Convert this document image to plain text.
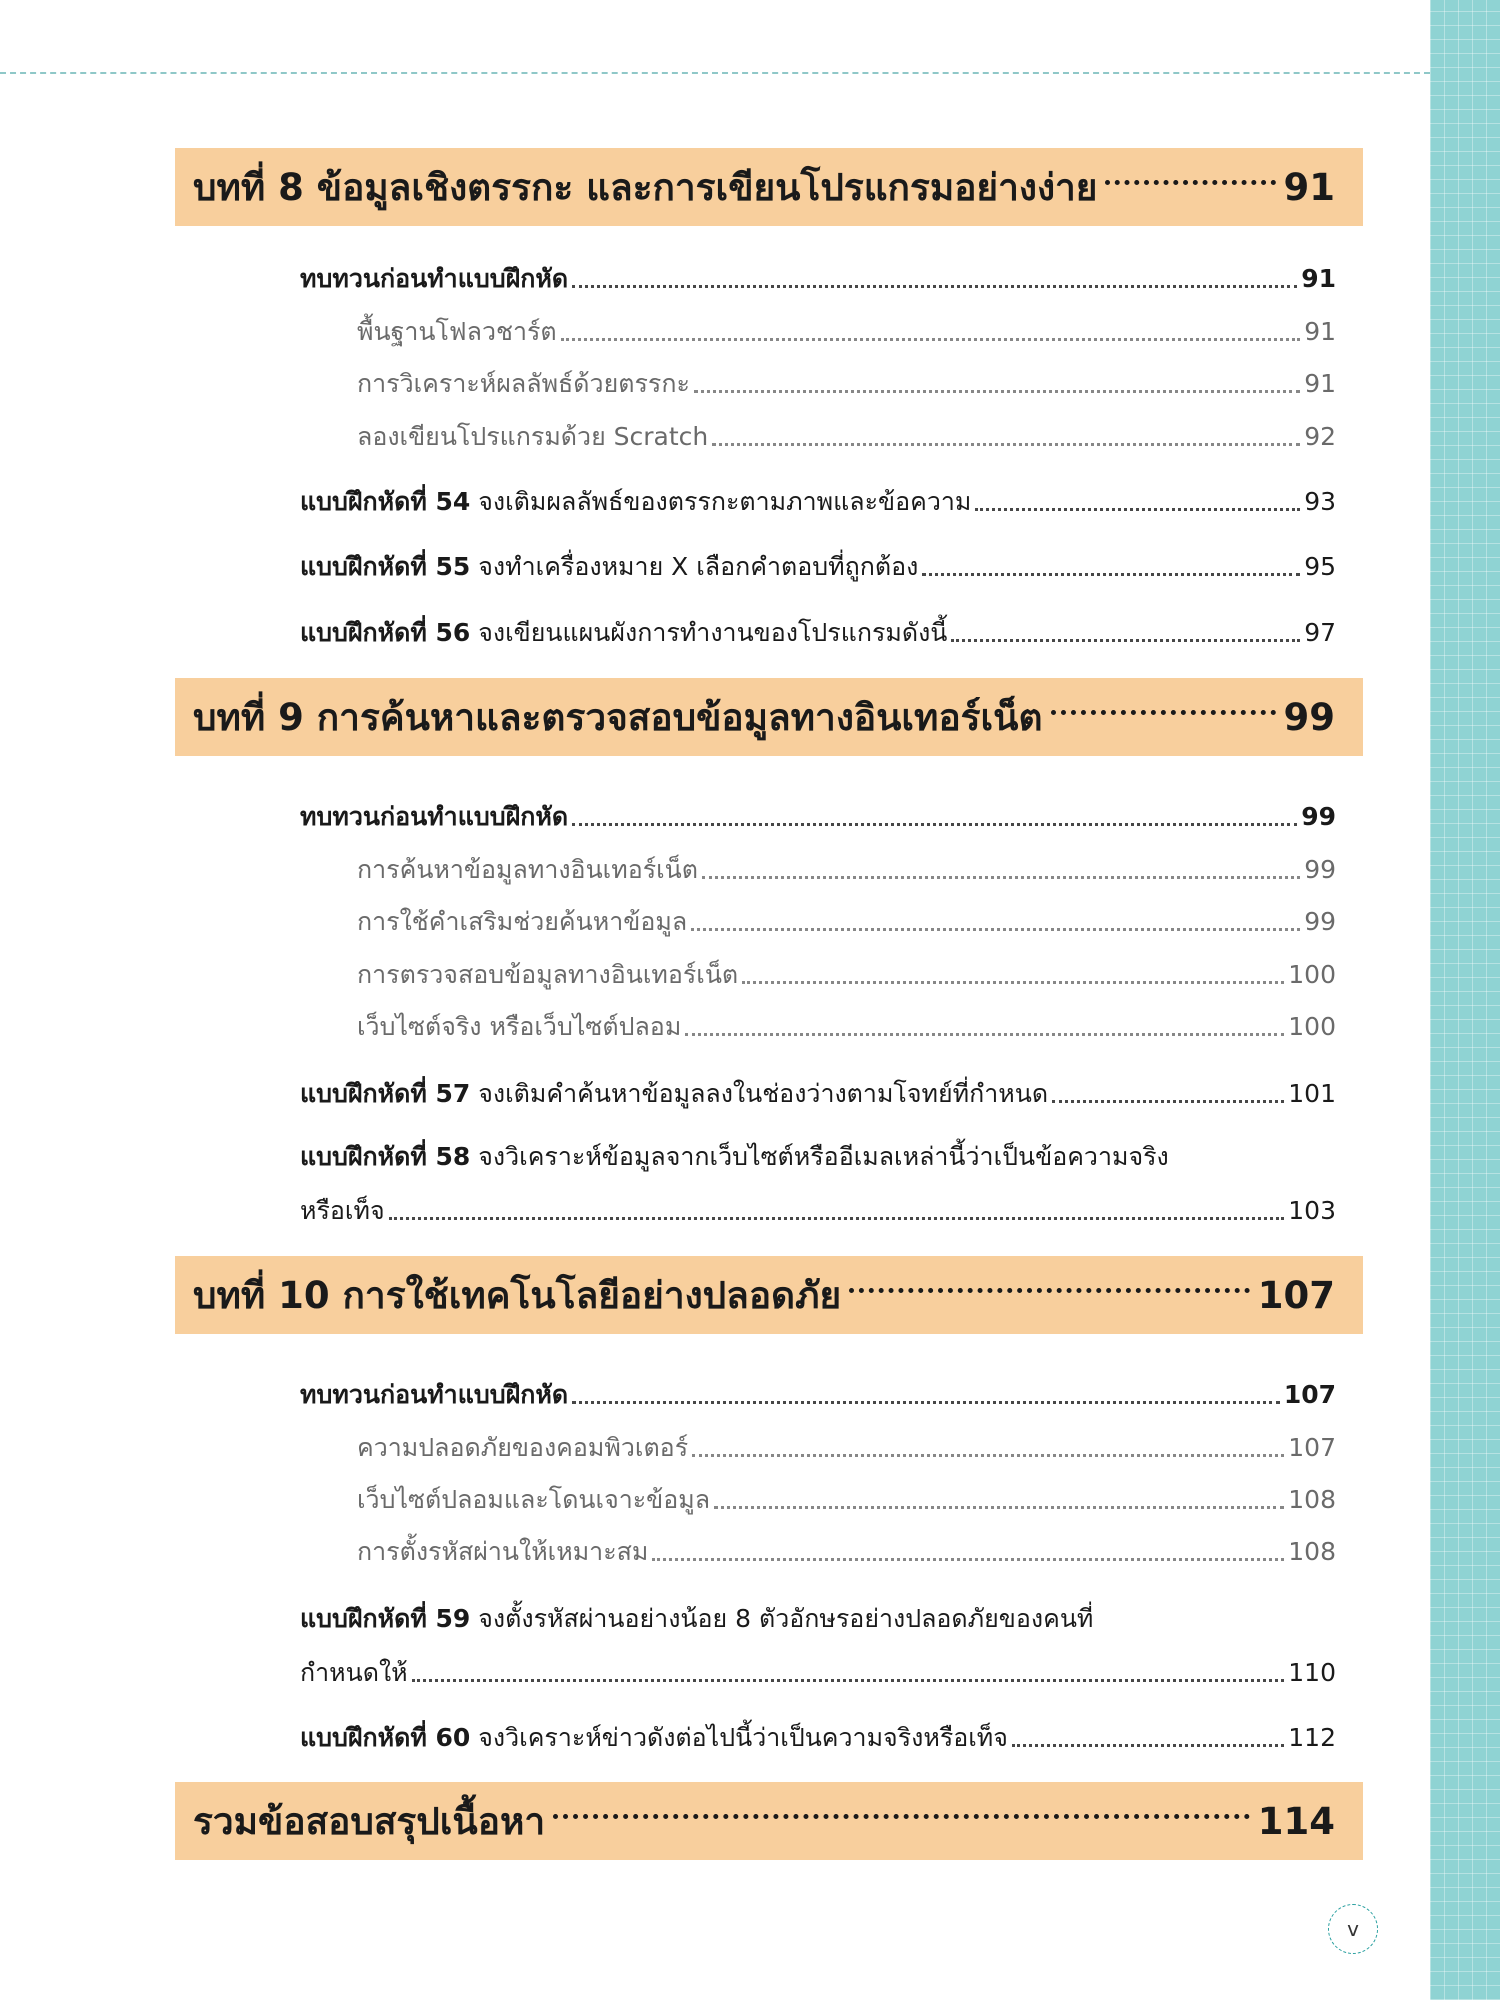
บทที่ 8 ข้อมูลเชิงตรรกะ และการเขียนโปรแกรมอย่างง่าย	91
ทบทวนก่อนทำแบบฝึกหัด	91
พื้นฐานโฟลวชาร์ต	91
การวิเคราะห์ผลลัพธ์ด้วยตรรกะ	91
ลองเขียนโปรแกรมด้วย Scratch	92
แบบฝึกหัดที่ 54 จงเติมผลลัพธ์ของตรรกะตามภาพและข้อความ	93
แบบฝึกหัดที่ 55 จงทำเครื่องหมาย X เลือกคำตอบที่ถูกต้อง	95
แบบฝึกหัดที่ 56 จงเขียนแผนผังการทำงานของโปรแกรมดังนี้	97
บทที่ 9 การค้นหาและตรวจสอบข้อมูลทางอินเทอร์เน็ต	99
ทบทวนก่อนทำแบบฝึกหัด	99
การค้นหาข้อมูลทางอินเทอร์เน็ต	99
การใช้คำเสริมช่วยค้นหาข้อมูล	99
การตรวจสอบข้อมูลทางอินเทอร์เน็ต	100
เว็บไซต์จริง หรือเว็บไซต์ปลอม	100
แบบฝึกหัดที่ 57 จงเติมคำค้นหาข้อมูลลงในช่องว่างตามโจทย์ที่กำหนด	101
แบบฝึกหัดที่ 58 จงวิเคราะห์ข้อมูลจากเว็บไซต์หรืออีเมลเหล่านี้ว่าเป็นข้อความจริง
หรือเท็จ	103
บทที่ 10 การใช้เทคโนโลยีอย่างปลอดภัย	107
ทบทวนก่อนทำแบบฝึกหัด	107
ความปลอดภัยของคอมพิวเตอร์	107
เว็บไซต์ปลอมและโดนเจาะข้อมูล	108
การตั้งรหัสผ่านให้เหมาะสม	108
แบบฝึกหัดที่ 59 จงตั้งรหัสผ่านอย่างน้อย 8 ตัวอักษรอย่างปลอดภัยของคนที่
กำหนดให้	110
แบบฝึกหัดที่ 60 จงวิเคราะห์ข่าวดังต่อไปนี้ว่าเป็นความจริงหรือเท็จ	112
รวมข้อสอบสรุปเนื้อหา	114
v
